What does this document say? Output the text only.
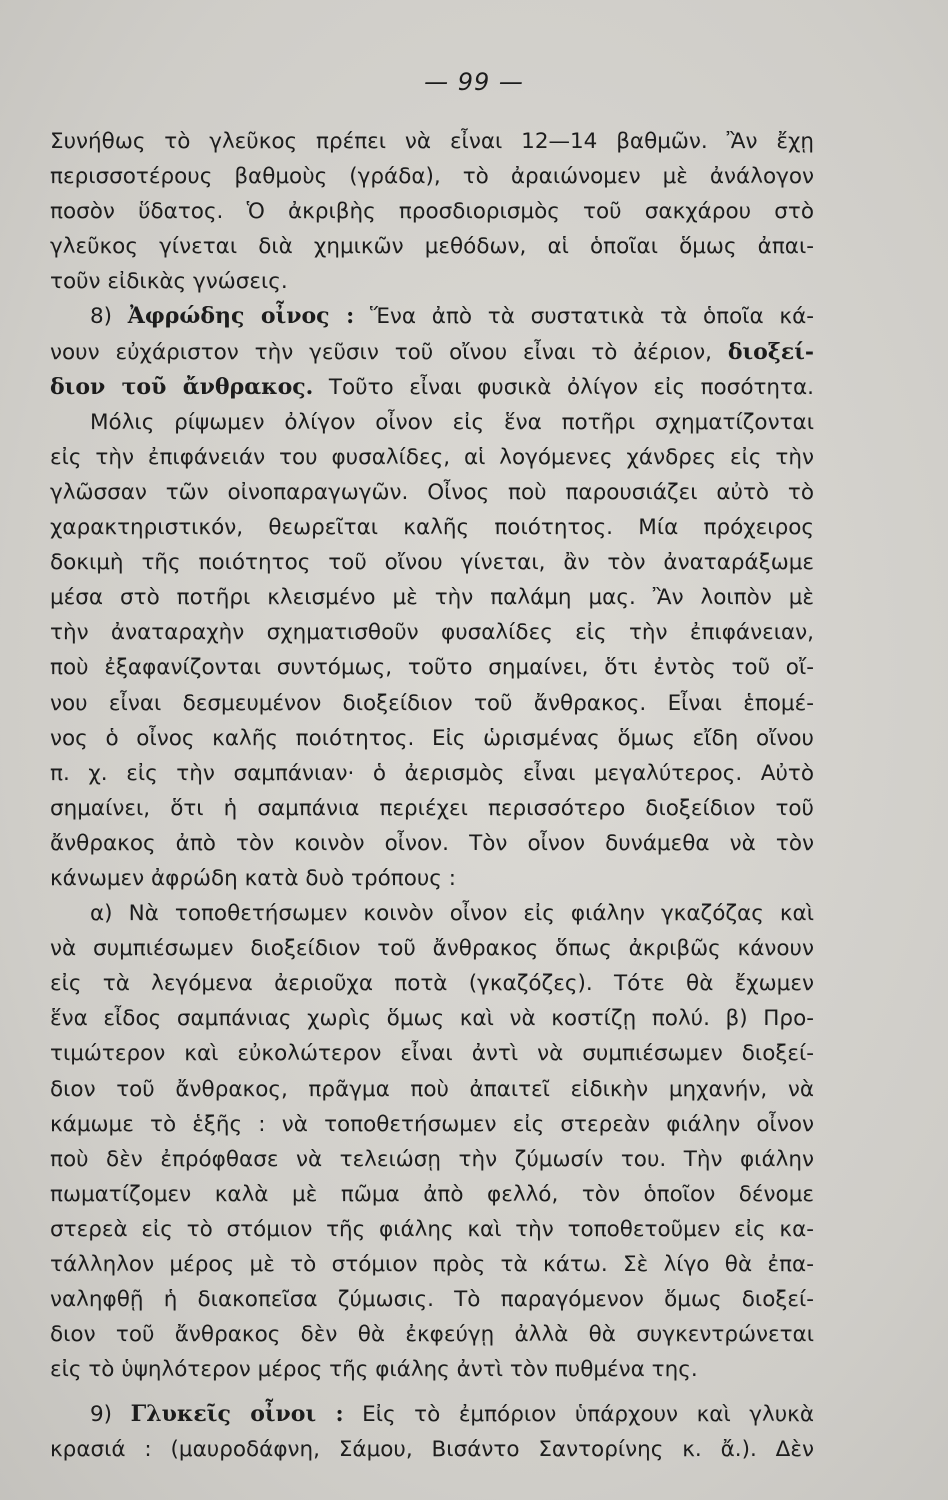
— 99 —
Συνήθως τὸ γλεῦκος πρέπει νὰ εἶναι 12—14 βαθμῶν. Ἂν ἔχῃ
περισσοτέρους βαθμοὺς (γράδα), τὸ ἀραιώνομεν μὲ ἀνάλογον
ποσὸν ὕδατος. Ὁ ἀκριβὴς προσδιορισμὸς τοῦ σακχάρου στὸ
γλεῦκος γίνεται διὰ χημικῶν μεθόδων, αἱ ὁποῖαι ὅμως ἀπαι-
τοῦν εἰδικὰς γνώσεις.
8) Ἀφρώδης οἶνος : Ἕνα ἀπὸ τὰ συστατικὰ τὰ ὁποῖα κά-
νουν εὐχάριστον τὴν γεῦσιν τοῦ οἴνου εἶναι τὸ ἀέριον, διοξεί-
διον τοῦ ἄνθρακος. Τοῦτο εἶναι φυσικὰ ὀλίγον εἰς ποσότητα.
Μόλις ρίψωμεν ὀλίγον οἶνον εἰς ἕνα ποτῆρι σχηματίζονται
εἰς τὴν ἐπιφάνειάν του φυσαλίδες, αἱ λογόμενες χάνδρες εἰς τὴν
γλῶσσαν τῶν οἰνοπαραγωγῶν. Οἶνος ποὺ παρουσιάζει αὐτὸ τὸ
χαρακτηριστικόν, θεωρεῖται καλῆς ποιότητος. Μία πρόχειρος
δοκιμὴ τῆς ποιότητος τοῦ οἴνου γίνεται, ἂν τὸν ἀναταράξωμε
μέσα στὸ ποτῆρι κλεισμένο μὲ τὴν παλάμη μας. Ἂν λοιπὸν μὲ
τὴν ἀναταραχὴν σχηματισθοῦν φυσαλίδες εἰς τὴν ἐπιφάνειαν,
ποὺ ἐξαφανίζονται συντόμως, τοῦτο σημαίνει, ὅτι ἐντὸς τοῦ οἴ-
νου εἶναι δεσμευμένον διοξείδιον τοῦ ἄνθρακος. Εἶναι ἑπομέ-
νος ὁ οἶνος καλῆς ποιότητος. Εἰς ὡρισμένας ὅμως εἴδη οἴνου
π. χ. εἰς τὴν σαμπάνιαν· ὁ ἀερισμὸς εἶναι μεγαλύτερος. Αὐτὸ
σημαίνει, ὅτι ἡ σαμπάνια περιέχει περισσότερο διοξείδιον τοῦ
ἄνθρακος ἀπὸ τὸν κοινὸν οἶνον. Τὸν οἶνον δυνάμεθα νὰ τὸν
κάνωμεν ἀφρώδη κατὰ δυὸ τρόπους :
α) Νὰ τοποθετήσωμεν κοινὸν οἶνον εἰς φιάλην γκαζόζας καὶ
νὰ συμπιέσωμεν διοξείδιον τοῦ ἄνθρακος ὅπως ἀκριβῶς κάνουν
εἰς τὰ λεγόμενα ἀεριοῦχα ποτὰ (γκαζόζες). Τότε θὰ ἔχωμεν
ἕνα εἶδος σαμπάνιας χωρὶς ὅμως καὶ νὰ κοστίζῃ πολύ. β) Προ-
τιμώτερον καὶ εὐκολώτερον εἶναι ἀντὶ νὰ συμπιέσωμεν διοξεί-
διον τοῦ ἄνθρακος, πρᾶγμα ποὺ ἀπαιτεῖ εἰδικὴν μηχανήν, νὰ
κάμωμε τὸ ἑξῆς : νὰ τοποθετήσωμεν εἰς στερεὰν φιάλην οἶνον
ποὺ δὲν ἐπρόφθασε νὰ τελειώσῃ τὴν ζύμωσίν του. Τὴν φιάλην
πωματίζομεν καλὰ μὲ πῶμα ἀπὸ φελλό, τὸν ὁποῖον δένομε
στερεὰ εἰς τὸ στόμιον τῆς φιάλης καὶ τὴν τοποθετοῦμεν εἰς κα-
τάλληλον μέρος μὲ τὸ στόμιον πρὸς τὰ κάτω. Σὲ λίγο θὰ ἐπα-
ναληφθῇ ἡ διακοπεῖσα ζύμωσις. Τὸ παραγόμενον ὅμως διοξεί-
διον τοῦ ἄνθρακος δὲν θὰ ἐκφεύγῃ ἀλλὰ θὰ συγκεντρώνεται
εἰς τὸ ὑψηλότερον μέρος τῆς φιάλης ἀντὶ τὸν πυθμένα της.
9) Γλυκεῖς οἶνοι : Εἰς τὸ ἐμπόριον ὑπάρχουν καὶ γλυκὰ
κρασιά : (μαυροδάφνη, Σάμου, Βισάντο Σαντορίνης κ. ἄ.). Δὲν
